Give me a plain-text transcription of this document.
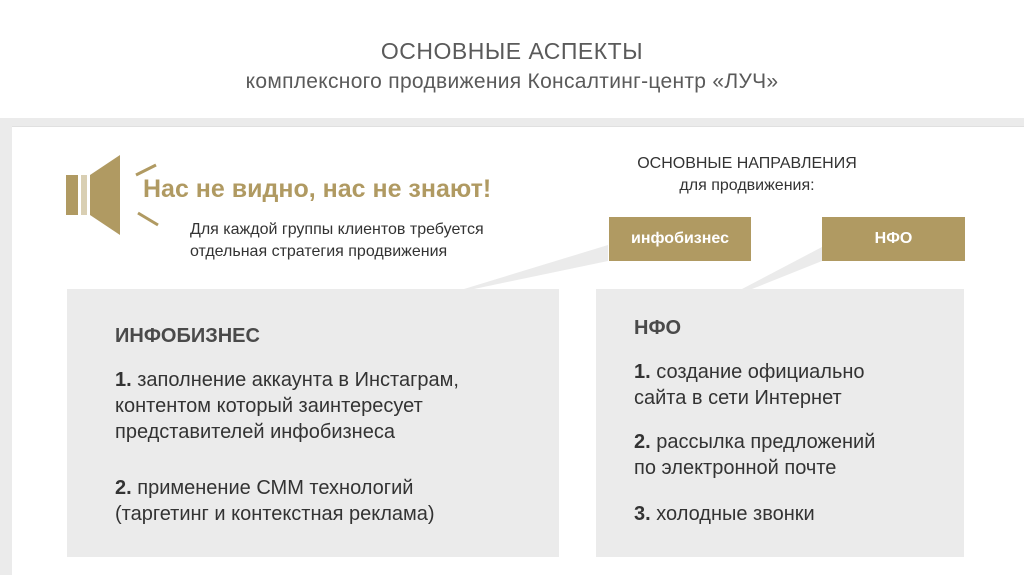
ОСНОВНЫЕ АСПЕКТЫ
комплексного продвижения Консалтинг-центр «ЛУЧ»
Нас не видно, нас не знают!
Для каждой группы клиентов требуется
отдельная стратегия продвижения
ОСНОВНЫЕ НАПРАВЛЕНИЯ
для продвижения:
инфобизнес	НФО
ИНФОБИЗНЕС
1. заполнение аккаунта в Инстаграм,
контентом который заинтересует
представителей инфобизнеса
2. применение СММ технологий
(таргетинг и контекстная реклама)
НФО
1. создание официально
сайта в сети Интернет
2. рассылка предложений
по электронной почте
3. холодные звонки
